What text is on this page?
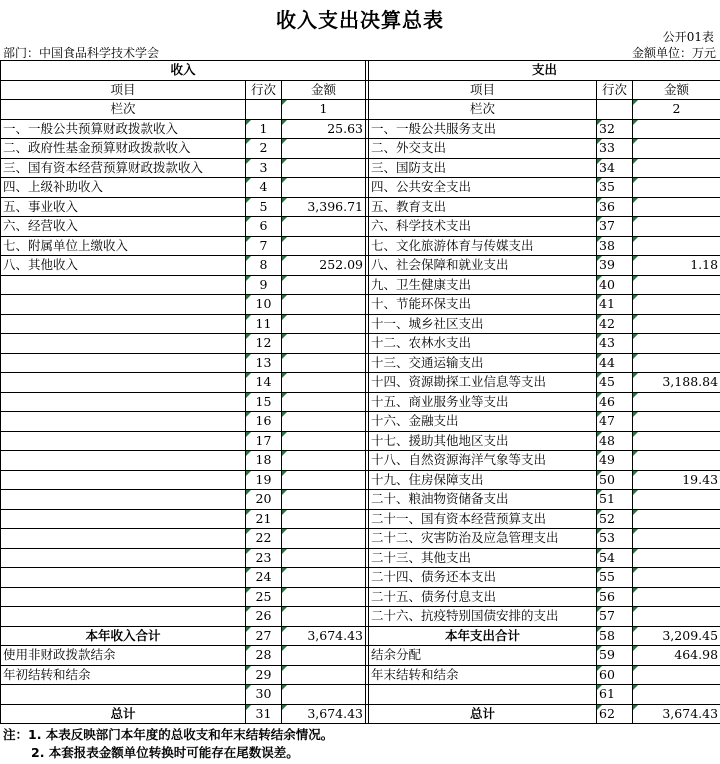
收入支出决算总表
公开01表
部门：中国食品科学技术学会	金额单位：万元
收入				支出		
项目	行次	金额		项目	行次	金额
栏次		1		栏次		2
一、一般公共预算财政拨款收入	1	25.63		一、一般公共服务支出	32	
二、政府性基金预算财政拨款收入	2			二、外交支出	33	
三、国有资本经营预算财政拨款收入	3			三、国防支出	34	
四、上级补助收入	4			四、公共安全支出	35	
五、事业收入	5	3,396.71		五、教育支出	36	
六、经营收入	6			六、科学技术支出	37	
七、附属单位上缴收入	7			七、文化旅游体育与传媒支出	38	
八、其他收入	8	252.09		八、社会保障和就业支出	39	1.18
	9			九、卫生健康支出	40	
	10			十、节能环保支出	41	
	11			十一、城乡社区支出	42	
	12			十二、农林水支出	43	
	13			十三、交通运输支出	44	
	14			十四、资源勘探工业信息等支出	45	3,188.84
	15			十五、商业服务业等支出	46	
	16			十六、金融支出	47	
	17			十七、援助其他地区支出	48	
	18			十八、自然资源海洋气象等支出	49	
	19			十九、住房保障支出	50	19.43
	20			二十、粮油物资储备支出	51	
	21			二十一、国有资本经营预算支出	52	
	22			二十二、灾害防治及应急管理支出	53	
	23			二十三、其他支出	54	
	24			二十四、债务还本支出	55	
	25			二十五、债务付息支出	56	
	26			二十六、抗疫特别国债安排的支出	57	
本年收入合计	27	3,674.43		本年支出合计	58	3,209.45
使用非财政拨款结余	28			结余分配	59	464.98
年初结转和结余	29			年末结转和结余	60	
	30				61	
总计	31	3,674.43		总计	62	3,674.43
注：1. 本表反映部门本年度的总收支和年末结转结余情况。
2. 本套报表金额单位转换时可能存在尾数误差。
